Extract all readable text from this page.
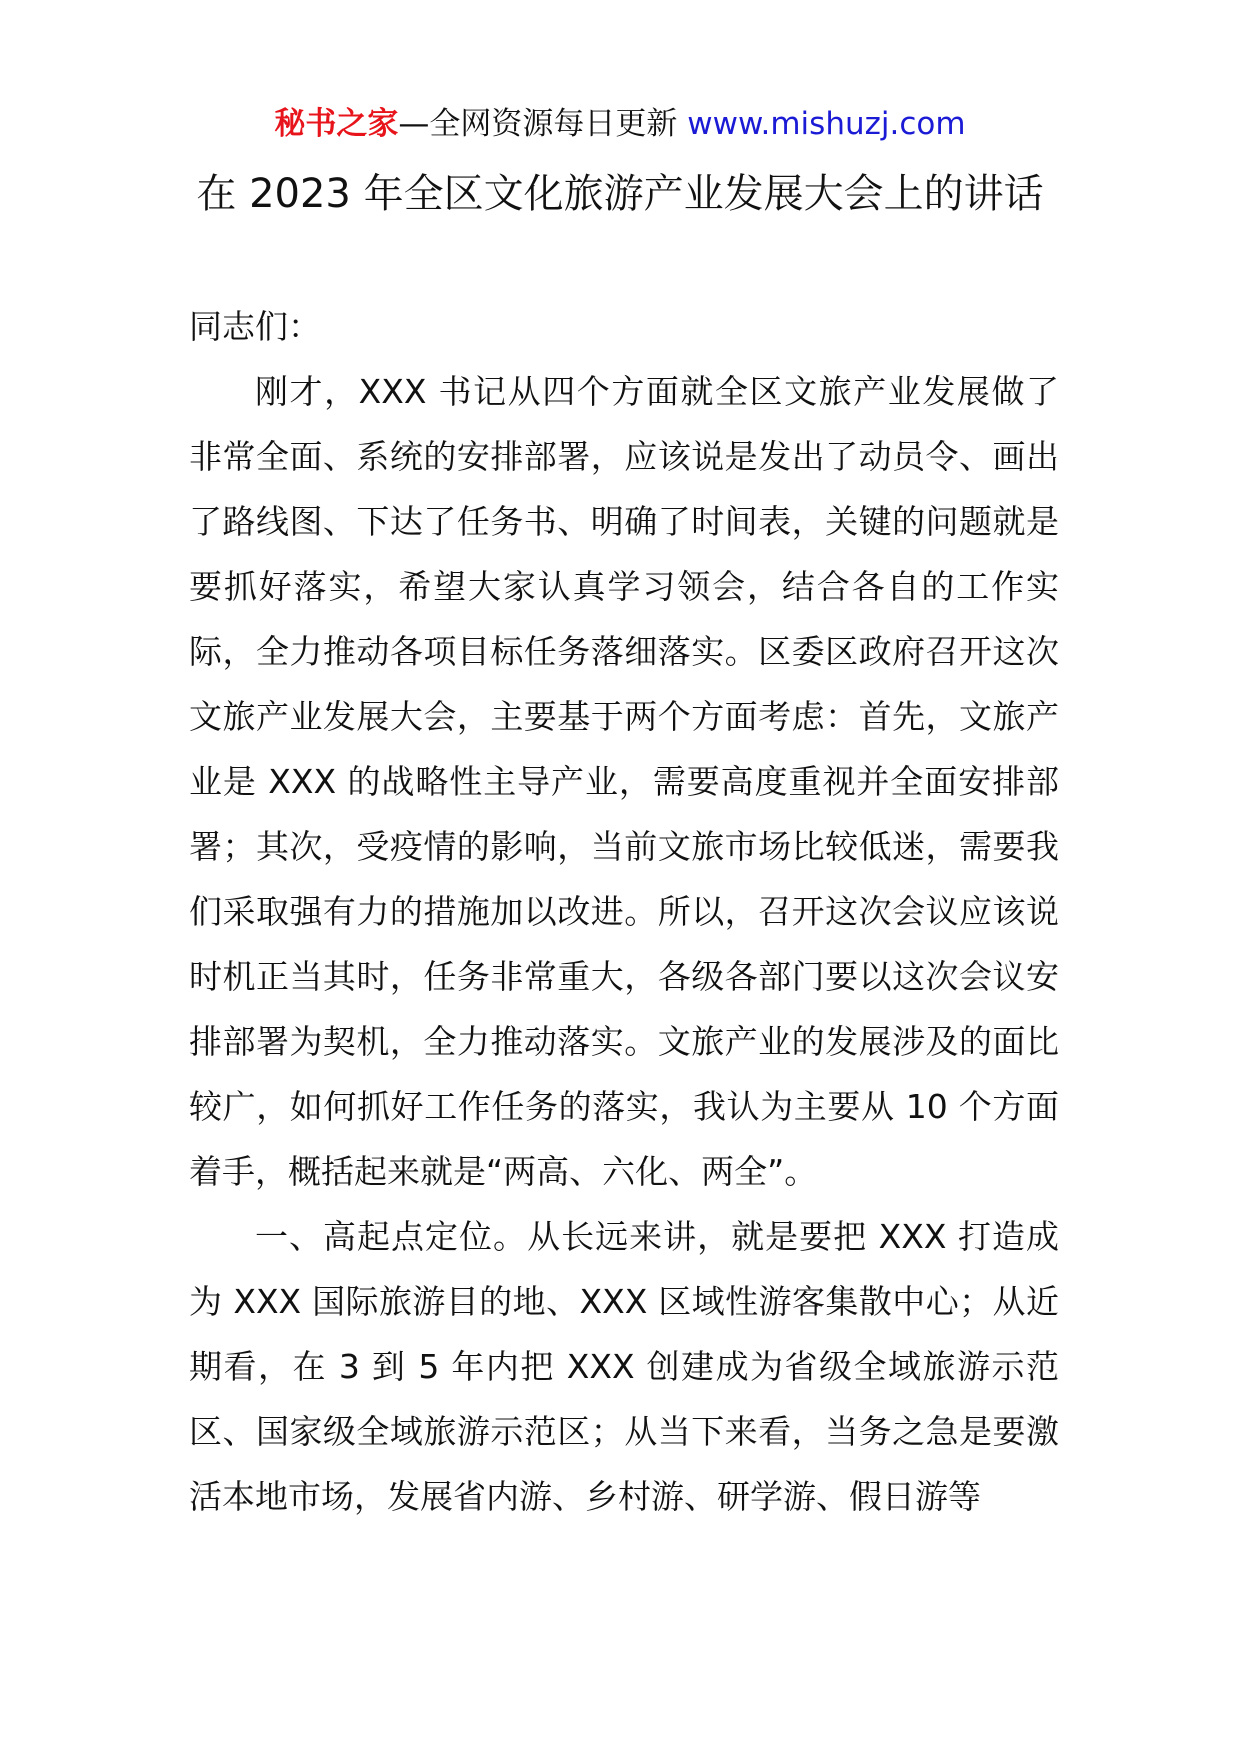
秘书之家—全网资源每日更新 www.mishuzj.com
在 2023 年全区文化旅游产业发展大会上的讲话

同志们：

刚才，XXX 书记从四个方面就全区文旅产业发展做了非常全面、系统的安排部署，应该说是发出了动员令、画出了路线图、下达了任务书、明确了时间表，关键的问题就是要抓好落实，希望大家认真学习领会，结合各自的工作实际，全力推动各项目标任务落细落实。区委区政府召开这次文旅产业发展大会，主要基于两个方面考虑：首先，文旅产业是 XXX 的战略性主导产业，需要高度重视并全面安排部署；其次，受疫情的影响，当前文旅市场比较低迷，需要我们采取强有力的措施加以改进。所以，召开这次会议应该说时机正当其时，任务非常重大，各级各部门要以这次会议安排部署为契机，全力推动落实。文旅产业的发展涉及的面比较广，如何抓好工作任务的落实，我认为主要从 10 个方面着手，概括起来就是“两高、六化、两全”。

一、高起点定位。从长远来讲，就是要把 XXX 打造成为 XXX 国际旅游目的地、XXX 区域性游客集散中心；从近期看，在 3 到 5 年内把 XXX 创建成为省级全域旅游示范区、国家级全域旅游示范区；从当下来看，当务之急是要激活本地市场，发展省内游、乡村游、研学游、假日游等
